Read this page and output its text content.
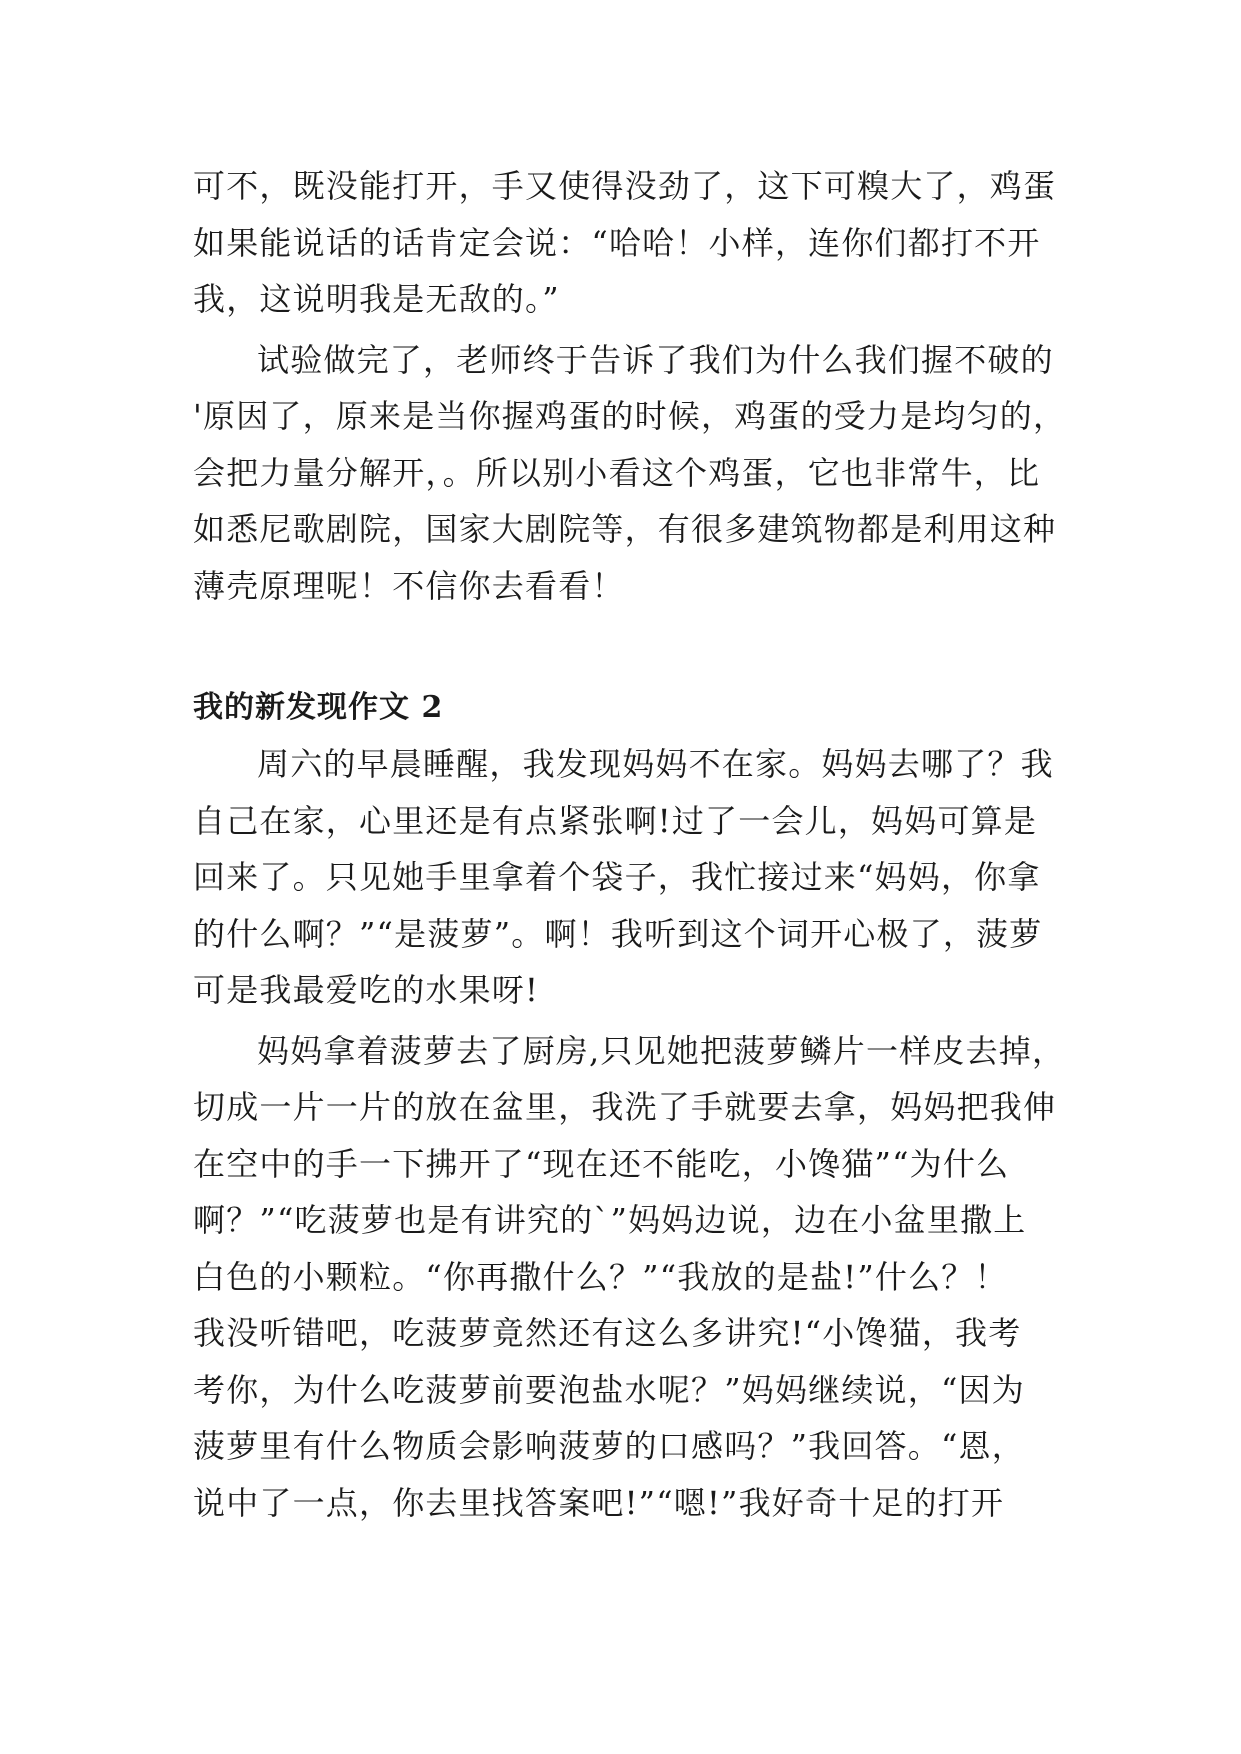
可不，既没能打开，手又使得没劲了，这下可糗大了，鸡蛋
如果能说话的话肯定会说：“哈哈！小样，连你们都打不开
我，这说明我是无敌的。”

试验做完了，老师终于告诉了我们为什么我们握不破的
'原因了，原来是当你握鸡蛋的时候，鸡蛋的受力是均匀的，
会把力量分解开，。所以别小看这个鸡蛋，它也非常牛，比
如悉尼歌剧院，国家大剧院等，有很多建筑物都是利用这种
薄壳原理呢！不信你去看看！

我的新发现作文 2

周六的早晨睡醒，我发现妈妈不在家。妈妈去哪了？我
自己在家，心里还是有点紧张啊!过了一会儿，妈妈可算是
回来了。只见她手里拿着个袋子，我忙接过来“妈妈，你拿
的什么啊？”“是菠萝”。啊！我听到这个词开心极了，菠萝
可是我最爱吃的水果呀!

妈妈拿着菠萝去了厨房,只见她把菠萝鳞片一样皮去掉，
切成一片一片的放在盆里，我洗了手就要去拿，妈妈把我伸
在空中的手一下拂开了“现在还不能吃，小馋猫”“为什么
啊？”“吃菠萝也是有讲究的`”妈妈边说，边在小盆里撒上
白色的小颗粒。“你再撒什么？”“我放的是盐!”什么？！
我没听错吧，吃菠萝竟然还有这么多讲究!“小馋猫，我考
考你，为什么吃菠萝前要泡盐水呢？”妈妈继续说，“因为
菠萝里有什么物质会影响菠萝的口感吗？”我回答。“恩，
说中了一点，你去里找答案吧!”“嗯!”我好奇十足的打开
